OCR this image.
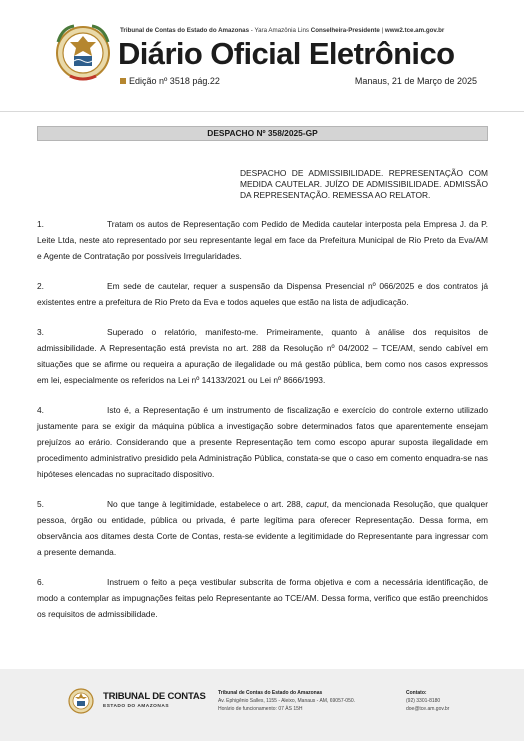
Tribunal de Contas do Estado do Amazonas - Yara Amazônia Lins Conselheira-Presidente | www2.tce.am.gov.br
Diário Oficial Eletrônico
Edição nº 3518 pág.22	Manaus, 21 de Março de 2025
DESPACHO Nº 358/2025-GP
DESPACHO DE ADMISSIBILIDADE. REPRESENTAÇÃO COM MEDIDA CAUTELAR. JUÍZO DE ADMISSIBILIDADE. ADMISSÃO DA REPRESENTAÇÃO. REMESSA AO RELATOR.
1.	Tratam os autos de Representação com Pedido de Medida cautelar interposta pela Empresa J. da P. Leite Ltda, neste ato representado por seu representante legal em face da Prefeitura Municipal de Rio Preto da Eva/AM e Agente de Contratação por possíveis Irregularidades.
2.	Em sede de cautelar, requer a suspensão da Dispensa Presencial nº 066/2025 e dos contratos já existentes entre a prefeitura de Rio Preto da Eva e todos aqueles que estão na lista de adjudicação.
3.	Superado o relatório, manifesto-me. Primeiramente, quanto à análise dos requisitos de admissibilidade. A Representação está prevista no art. 288 da Resolução nº 04/2002 – TCE/AM, sendo cabível em situações que se afirme ou requeira a apuração de ilegalidade ou má gestão pública, bem como nos casos expressos em lei, especialmente os referidos na Lei nº 14133/2021 ou Lei nº 8666/1993.
4.	Isto é, a Representação é um instrumento de fiscalização e exercício do controle externo utilizado justamente para se exigir da máquina pública a investigação sobre determinados fatos que aparentemente ensejam prejuízos ao erário. Considerando que a presente Representação tem como escopo apurar suposta ilegalidade em procedimento administrativo presidido pela Administração Pública, constata-se que o caso em comento enquadra-se nas hipóteses elencadas no supracitado dispositivo.
5.	No que tange à legitimidade, estabelece o art. 288, caput, da mencionada Resolução, que qualquer pessoa, órgão ou entidade, pública ou privada, é parte legítima para oferecer Representação. Dessa forma, em observância aos ditames desta Corte de Contas, resta-se evidente a legitimidade do Representante para ingressar com a presente demanda.
6.	Instruem o feito a peça vestibular subscrita de forma objetiva e com a necessária identificação, de modo a contemplar as impugnações feitas pelo Representante ao TCE/AM. Dessa forma, verifico que estão preenchidos os requisitos de admissibilidade.
TRIBUNAL DE CONTAS
ESTADO DO AMAZONAS
Tribunal de Contas do Estado do Amazonas
Av. Ephigênio Salles, 1155 - Aleixo, Manaus - AM, 69057-050.
Horário de funcionamento: 07 ÀS 15H
Contato:
(92) 3301-8180
doe@tce.am.gov.br
